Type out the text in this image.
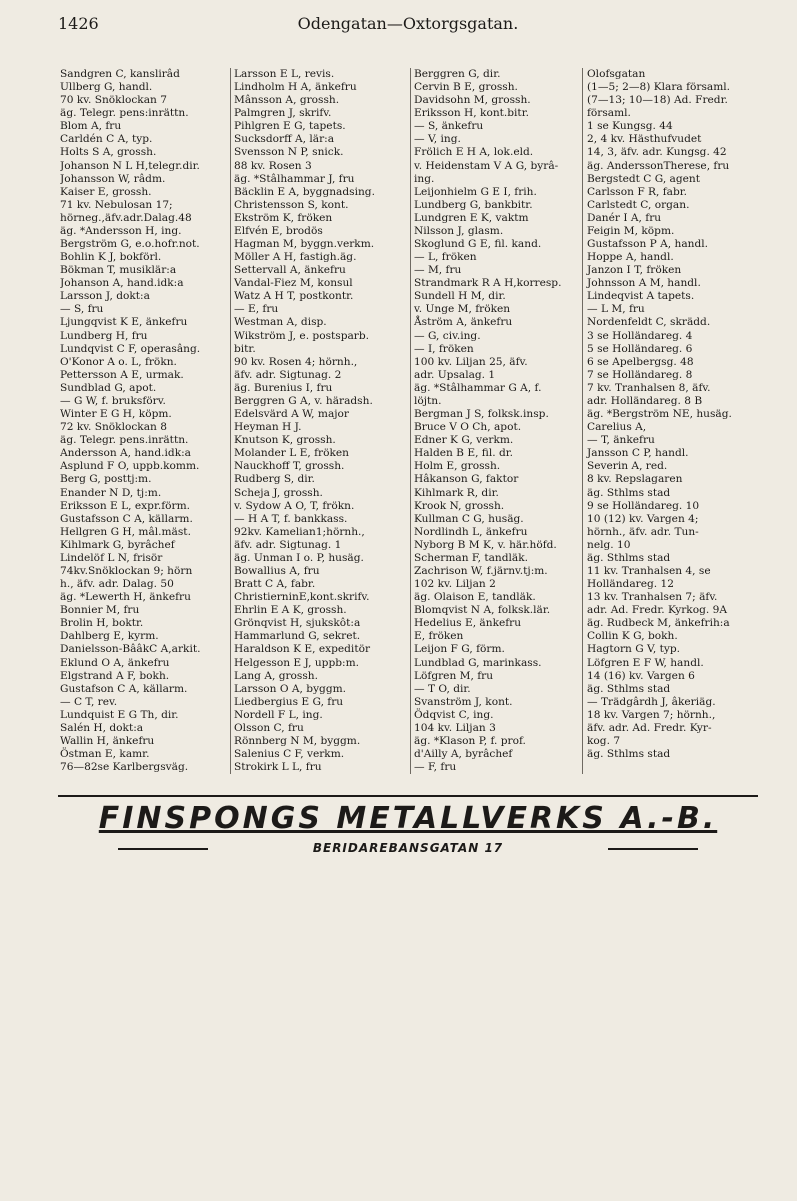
1426	Odengatan—Oxtorgsgatan.
Sandgren C, kanslirâd
Ullberg G, handl.
70 kv. Snöklockan 7
äg. Telegr. pens:inrättn.
Blom A, fru
Carldén C A, typ.
Holts S A, grossh.
Johanson N L H,telegr.dir.
Johansson W, râdm.
Kaiser E, grossh.
71 kv. Nebulosan 17;
hörneg.,äfv.adr.Dalag.48
äg. *Andersson H, ing.
Bergström G, e.o.hofr.not.
Bohlin K J, bokförl.
Bökman T, musiklär:a
Johanson A, hand.idk:a
Larsson J, dokt:a
— S, fru
Ljungqvist K E, änkefru
Lundberg H, fru
Lundqvist C F, operasâng.
O'Konor A o. L, frökn.
Pettersson A E, urmak.
Sundblad G, apot.
— G W, f. bruksförv.
Winter E G H, köpm.
72 kv. Snöklockan 8
äg. Telegr. pens.inrättn.
Andersson A, hand.idk:a
Asplund F O, uppb.komm.
Berg G, posttj:m.
Enander N D, tj:m.
Eriksson E L, expr.förm.
Gustafsson C A, källarm.
Hellgren G H, mâl.mäst.
Kihlmark G, byrâchef
Lindelöf L N, frisör
74kv.Snöklockan 9; hörn
h., äfv. adr. Dalag. 50
äg. *Lewerth H, änkefru
Bonnier M, fru
Brolin H, boktr.
Dahlberg E, kyrm.
Danielsson-BââkC A,arkit.
Eklund O A, änkefru
Elgstrand A F, bokh.
Gustafson C A, källarm.
— C T, rev.
Lundquist E G Th, dir.
Salén H, dokt:a
Wallin H, änkefru
Östman E, kamr.
76—82se Karlbergsväg.
Larsson E L, revis.
Lindholm H A, änkefru
Mânsson A, grossh.
Palmgren J, skrifv.
Pihlgren E G, tapets.
Sucksdorff A, lär:a
Svensson N P, snick.
88 kv. Rosen 3
äg. *Stâlhammar J, fru
Bäcklin E A, byggnadsing.
Christensson S, kont.
Ekström K, fröken
Elfvén E, brodös
Hagman M, byggn.verkm.
Möller A H, fastigh.äg.
Settervall A, änkefru
Vandal-Fiez M, konsul
Watz A H T, postkontr.
— E, fru
Westman A, disp.
Wikström J, e. postsparb.
bitr.
90 kv. Rosen 4; hörnh.,
äfv. adr. Sigtunag. 2
äg. Burenius I, fru
Berggren G A, v. häradsh.
Edelsvärd A W, major
Heyman H J.
Knutson K, grossh.
Molander L E, fröken
Nauckhoff T, grossh.
Rudberg S, dir.
Scheja J, grossh.
v. Sydow A O, T, frökn.
— H A T, f. bankkass.
92kv. Kamelian1;hörnh.,
äfv. adr. Sigtunag. 1
äg. Unman I o. P, husäg.
Bowallius A, fru
Bratt C A, fabr.
ChristierninE,kont.skrifv.
Ehrlin E A K, grossh.
Grönqvist H, sjukskôt:a
Hammarlund G, sekret.
Haraldson K E, expeditör
Helgesson E J, uppb:m.
Lang A, grossh.
Larsson O A, byggm.
Liedbergius E G, fru
Nordell F L, ing.
Olsson C, fru
Rönnberg N M, byggm.
Salenius C F, verkm.
Strokirk L L, fru
Berggren G, dir.
Cervin B E, grossh.
Davidsohn M, grossh.
Eriksson H, kont.bitr.
— S, änkefru
— V, ing.
Frölich E H A, lok.eld.
v. Heidenstam V A G, byrâ-
ing.
Leijonhielm G E I, frih.
Lundberg G, bankbitr.
Lundgren E K, vaktm
Nilsson J, glasm.
Skoglund G E, fil. kand.
— L, fröken
— M, fru
Strandmark R A H,korresp.
Sundell H M, dir.
v. Unge M, fröken
Åström A, änkefru
— G, civ.ing.
— I, fröken
100 kv. Liljan 25, äfv.
adr. Upsalag. 1
äg. *Stâlhammar G A, f.
löjtn.
Bergman J S, folksk.insp.
Bruce V O Ch, apot.
Edner K G, verkm.
Halden B E, fil. dr.
Holm E, grossh.
Hâkanson G, faktor
Kihlmark R, dir.
Krook N, grossh.
Kullman C G, husäg.
Nordlindh L, änkefru
Nyborg B M K, v. här.höfd.
Scherman F, tandläk.
Zachrison W, f.järnv.tj:m.
102 kv. Liljan 2
äg. Olaison E, tandläk.
Blomqvist N A, folksk.lär.
Hedelius E, änkefru
E, fröken
Leijon F G, förm.
Lundblad G, marinkass.
Löfgren M, fru
— T O, dir.
Svanström J, kont.
Ödqvist C, ing.
104 kv. Liljan 3
äg. *Klason P, f. prof.
d'Ailly A, byrâchef
— F, fru
Olofsgatan
(1—5; 2—8) Klara församl.
(7—13; 10—18) Ad. Fredr.
församl.
1 se Kungsg. 44
2, 4 kv. Hästhufvudet
14, 3, äfv. adr. Kungsg. 42
äg. AnderssonTherese, fru
Bergstedt C G, agent
Carlsson F R, fabr.
Carlstedt C, organ.
Danér I A, fru
Feigin M, köpm.
Gustafsson P A, handl.
Hoppe A, handl.
Janzon I T, fröken
Johnsson A M, handl.
Lindeqvist A tapets.
— L M, fru
Nordenfeldt C, skrädd.
3 se Holländareg. 4
5 se Holländareg. 6
6 se Apelbergsg. 48
7 se Holländareg. 8
7 kv. Tranhalsen 8, äfv.
adr. Holländareg. 8 B
äg. *Bergström NE, husäg.
Carelius A,
— T, änkefru
Jansson C P, handl.
Severin A, red.
8 kv. Repslagaren
äg. Sthlms stad
9 se Holländareg. 10
10 (12) kv. Vargen 4;
hörnh., äfv. adr. Tun-
nelg. 10
äg. Sthlms stad
11 kv. Tranhalsen 4, se
Holländareg. 12
13 kv. Tranhalsen 7; äfv.
adr. Ad. Fredr. Kyrkog. 9A
äg. Rudbeck M, änkefrih:a
Collin K G, bokh.
Hagtorn G V, typ.
Löfgren E F W, handl.
14 (16) kv. Vargen 6
äg. Sthlms stad
— Trädgârdh J, âkeriäg.
18 kv. Vargen 7; hörnh.,
äfv. adr. Ad. Fredr. Kyr-
kog. 7
äg. Sthlms stad
FINSPONGS METALLVERKS A.-B.
BERIDAREBANSGATAN 17
